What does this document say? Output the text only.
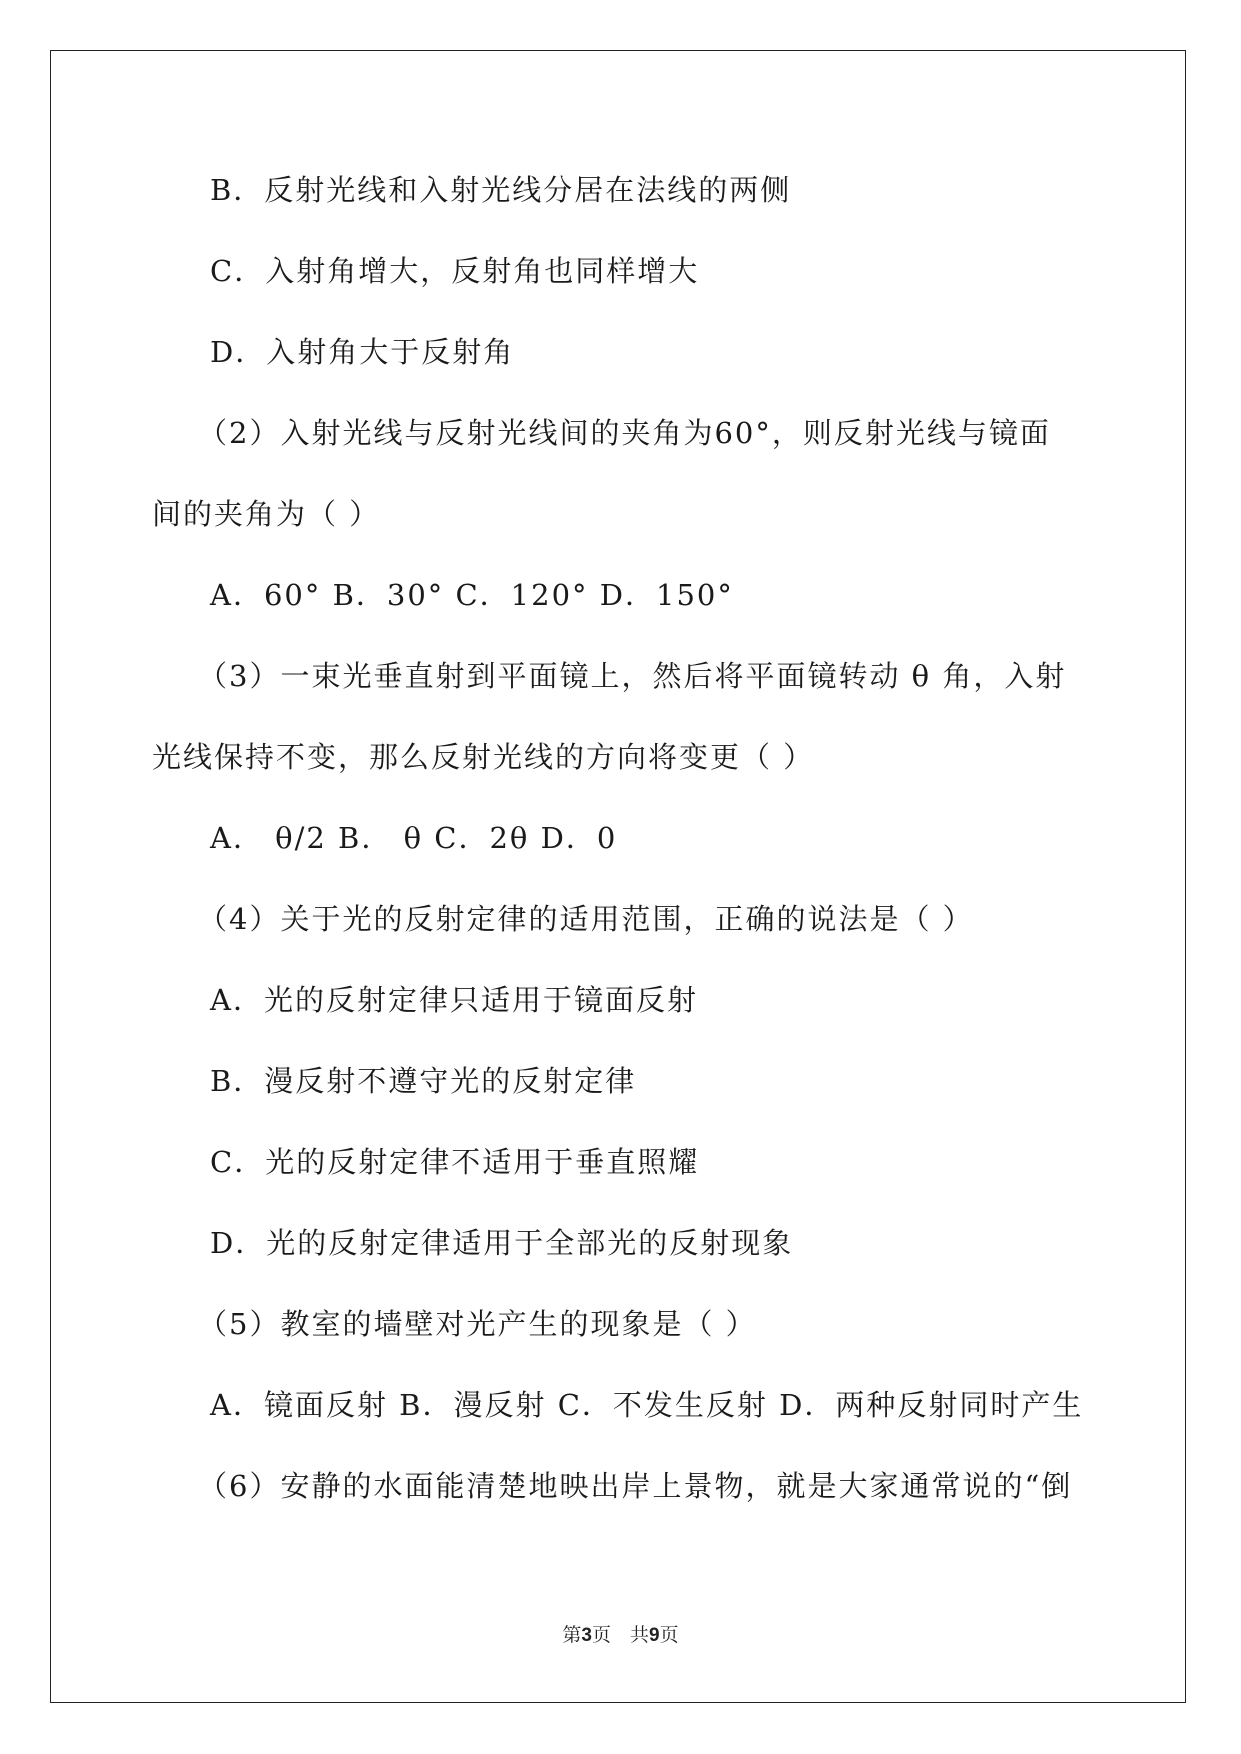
B．反射光线和入射光线分居在法线的两侧

C．入射角增大，反射角也同样增大

D．入射角大于反射角

（2）入射光线与反射光线间的夹角为60°，则反射光线与镜面

间的夹角为（ ）

A．60° B．30° C．120° D．150°

（3）一束光垂直射到平面镜上，然后将平面镜转动 θ 角，入射

光线保持不变，那么反射光线的方向将变更（ ）

A． θ/2 B． θ C．2θ D．0

（4）关于光的反射定律的适用范围，正确的说法是（ ）

A．光的反射定律只适用于镜面反射

B．漫反射不遵守光的反射定律

C．光的反射定律不适用于垂直照耀

D．光的反射定律适用于全部光的反射现象

（5）教室的墙壁对光产生的现象是（ ）

A．镜面反射 B．漫反射 C．不发生反射 D．两种反射同时产生

（6）安静的水面能清楚地映出岸上景物，就是大家通常说的“倒

第3页　共9页
